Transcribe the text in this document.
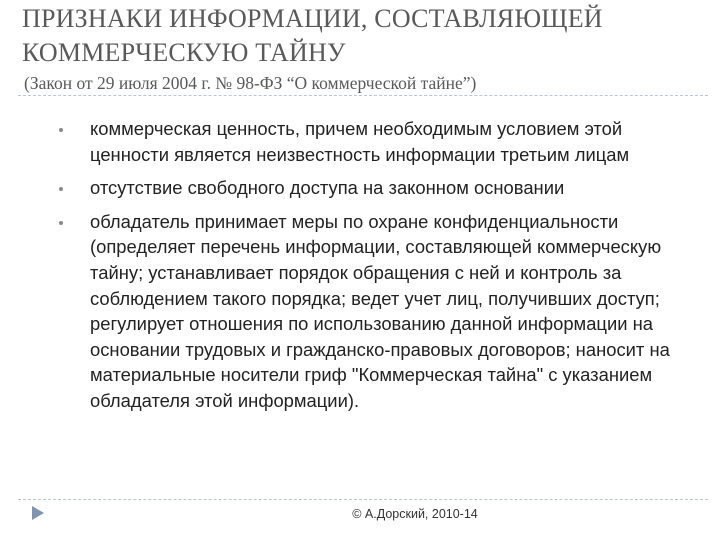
ПРИЗНАКИ ИНФОРМАЦИИ, СОСТАВЛЯЮЩЕЙ КОММЕРЧЕСКУЮ ТАЙНУ
(Закон от 29 июля 2004 г. № 98-ФЗ “О коммерческой тайне”)
коммерческая ценность, причем необходимым условием этой ценности является неизвестность информации третьим лицам
отсутствие свободного доступа на законном основании
обладатель принимает меры по охране конфиденциальности (определяет перечень информации, составляющей коммерческую тайну; устанавливает порядок обращения с ней и контроль за соблюдением такого порядка; ведет учет лиц, получивших доступ; регулирует отношения по использованию данной информации на основании трудовых и гражданско-правовых договоров; наносит на материальные носители гриф "Коммерческая тайна" с указанием обладателя этой информации).
© А.Дорский, 2010-14
